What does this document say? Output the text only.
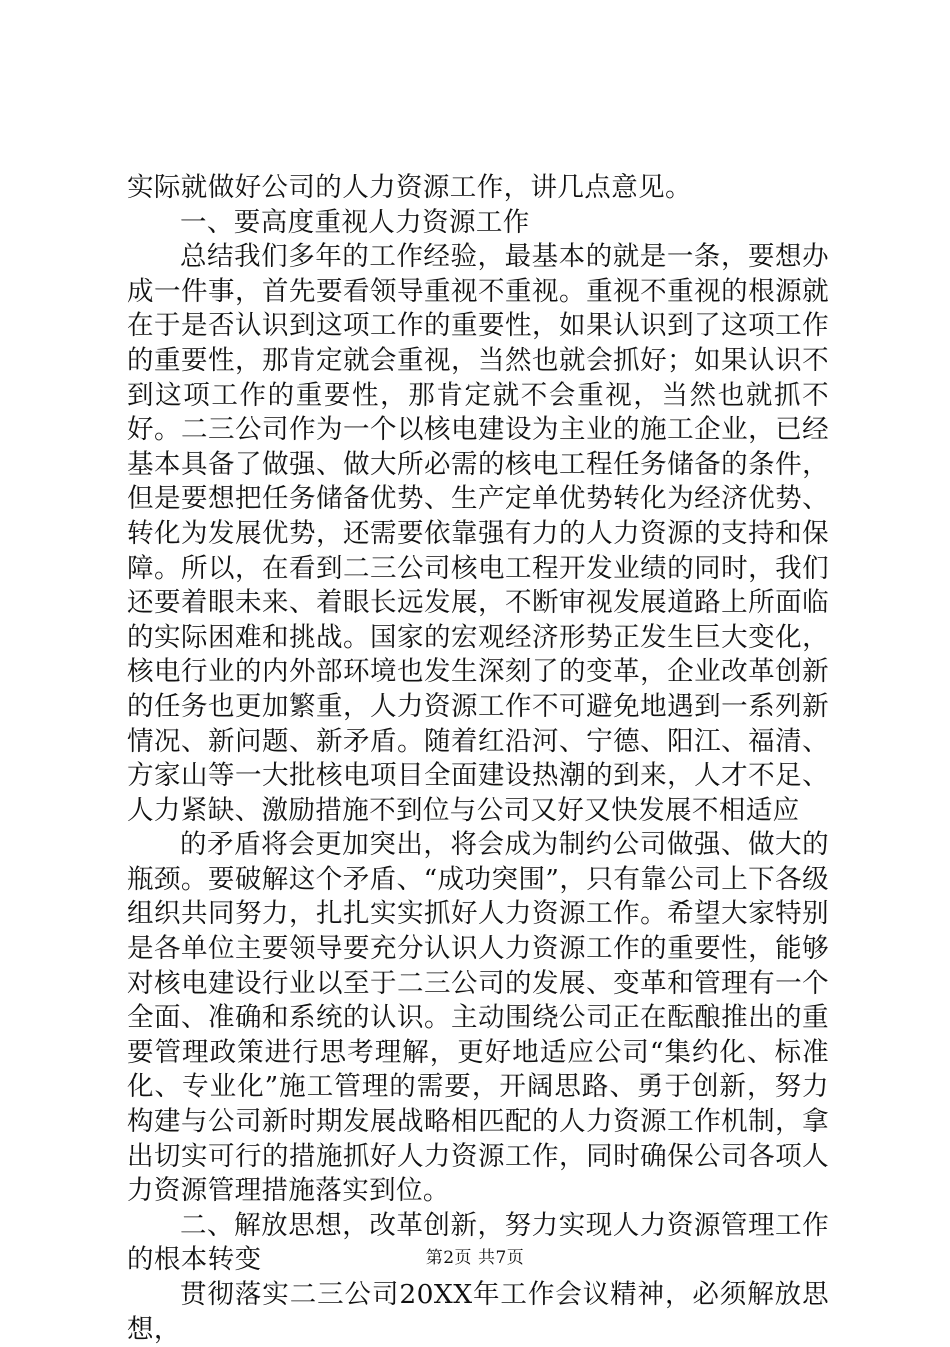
实际就做好公司的人力资源工作，讲几点意见。

一、要高度重视人力资源工作

总结我们多年的工作经验，最基本的就是一条，要想办成一件事，首先要看领导重视不重视。重视不重视的根源就在于是否认识到这项工作的重要性，如果认识到了这项工作的重要性，那肯定就会重视，当然也就会抓好；如果认识不到这项工作的重要性，那肯定就不会重视，当然也就抓不好。二三公司作为一个以核电建设为主业的施工企业，已经基本具备了做强、做大所必需的核电工程任务储备的条件，但是要想把任务储备优势、生产定单优势转化为经济优势、转化为发展优势，还需要依靠强有力的人力资源的支持和保障。所以，在看到二三公司核电工程开发业绩的同时，我们还要着眼未来、着眼长远发展，不断审视发展道路上所面临的实际困难和挑战。国家的宏观经济形势正发生巨大变化，核电行业的内外部环境也发生深刻了的变革，企业改革创新的任务也更加繁重，人力资源工作不可避免地遇到一系列新情况、新问题、新矛盾。随着红沿河、宁德、阳江、福清、方家山等一大批核电项目全面建设热潮的到来，人才不足、人力紧缺、激励措施不到位与公司又好又快发展不相适应

的矛盾将会更加突出，将会成为制约公司做强、做大的瓶颈。要破解这个矛盾、“成功突围”，只有靠公司上下各级组织共同努力，扎扎实实抓好人力资源工作。希望大家特别是各单位主要领导要充分认识人力资源工作的重要性，能够对核电建设行业以至于二三公司的发展、变革和管理有一个全面、准确和系统的认识。主动围绕公司正在酝酿推出的重要管理政策进行思考理解，更好地适应公司“集约化、标准化、专业化”施工管理的需要，开阔思路、勇于创新，努力构建与公司新时期发展战略相匹配的人力资源工作机制，拿出切实可行的措施抓好人力资源工作，同时确保公司各项人力资源管理措施落实到位。

二、解放思想，改革创新，努力实现人力资源管理工作的根本转变

贯彻落实二三公司20XX年工作会议精神，必须解放思想，

第2页 共7页
